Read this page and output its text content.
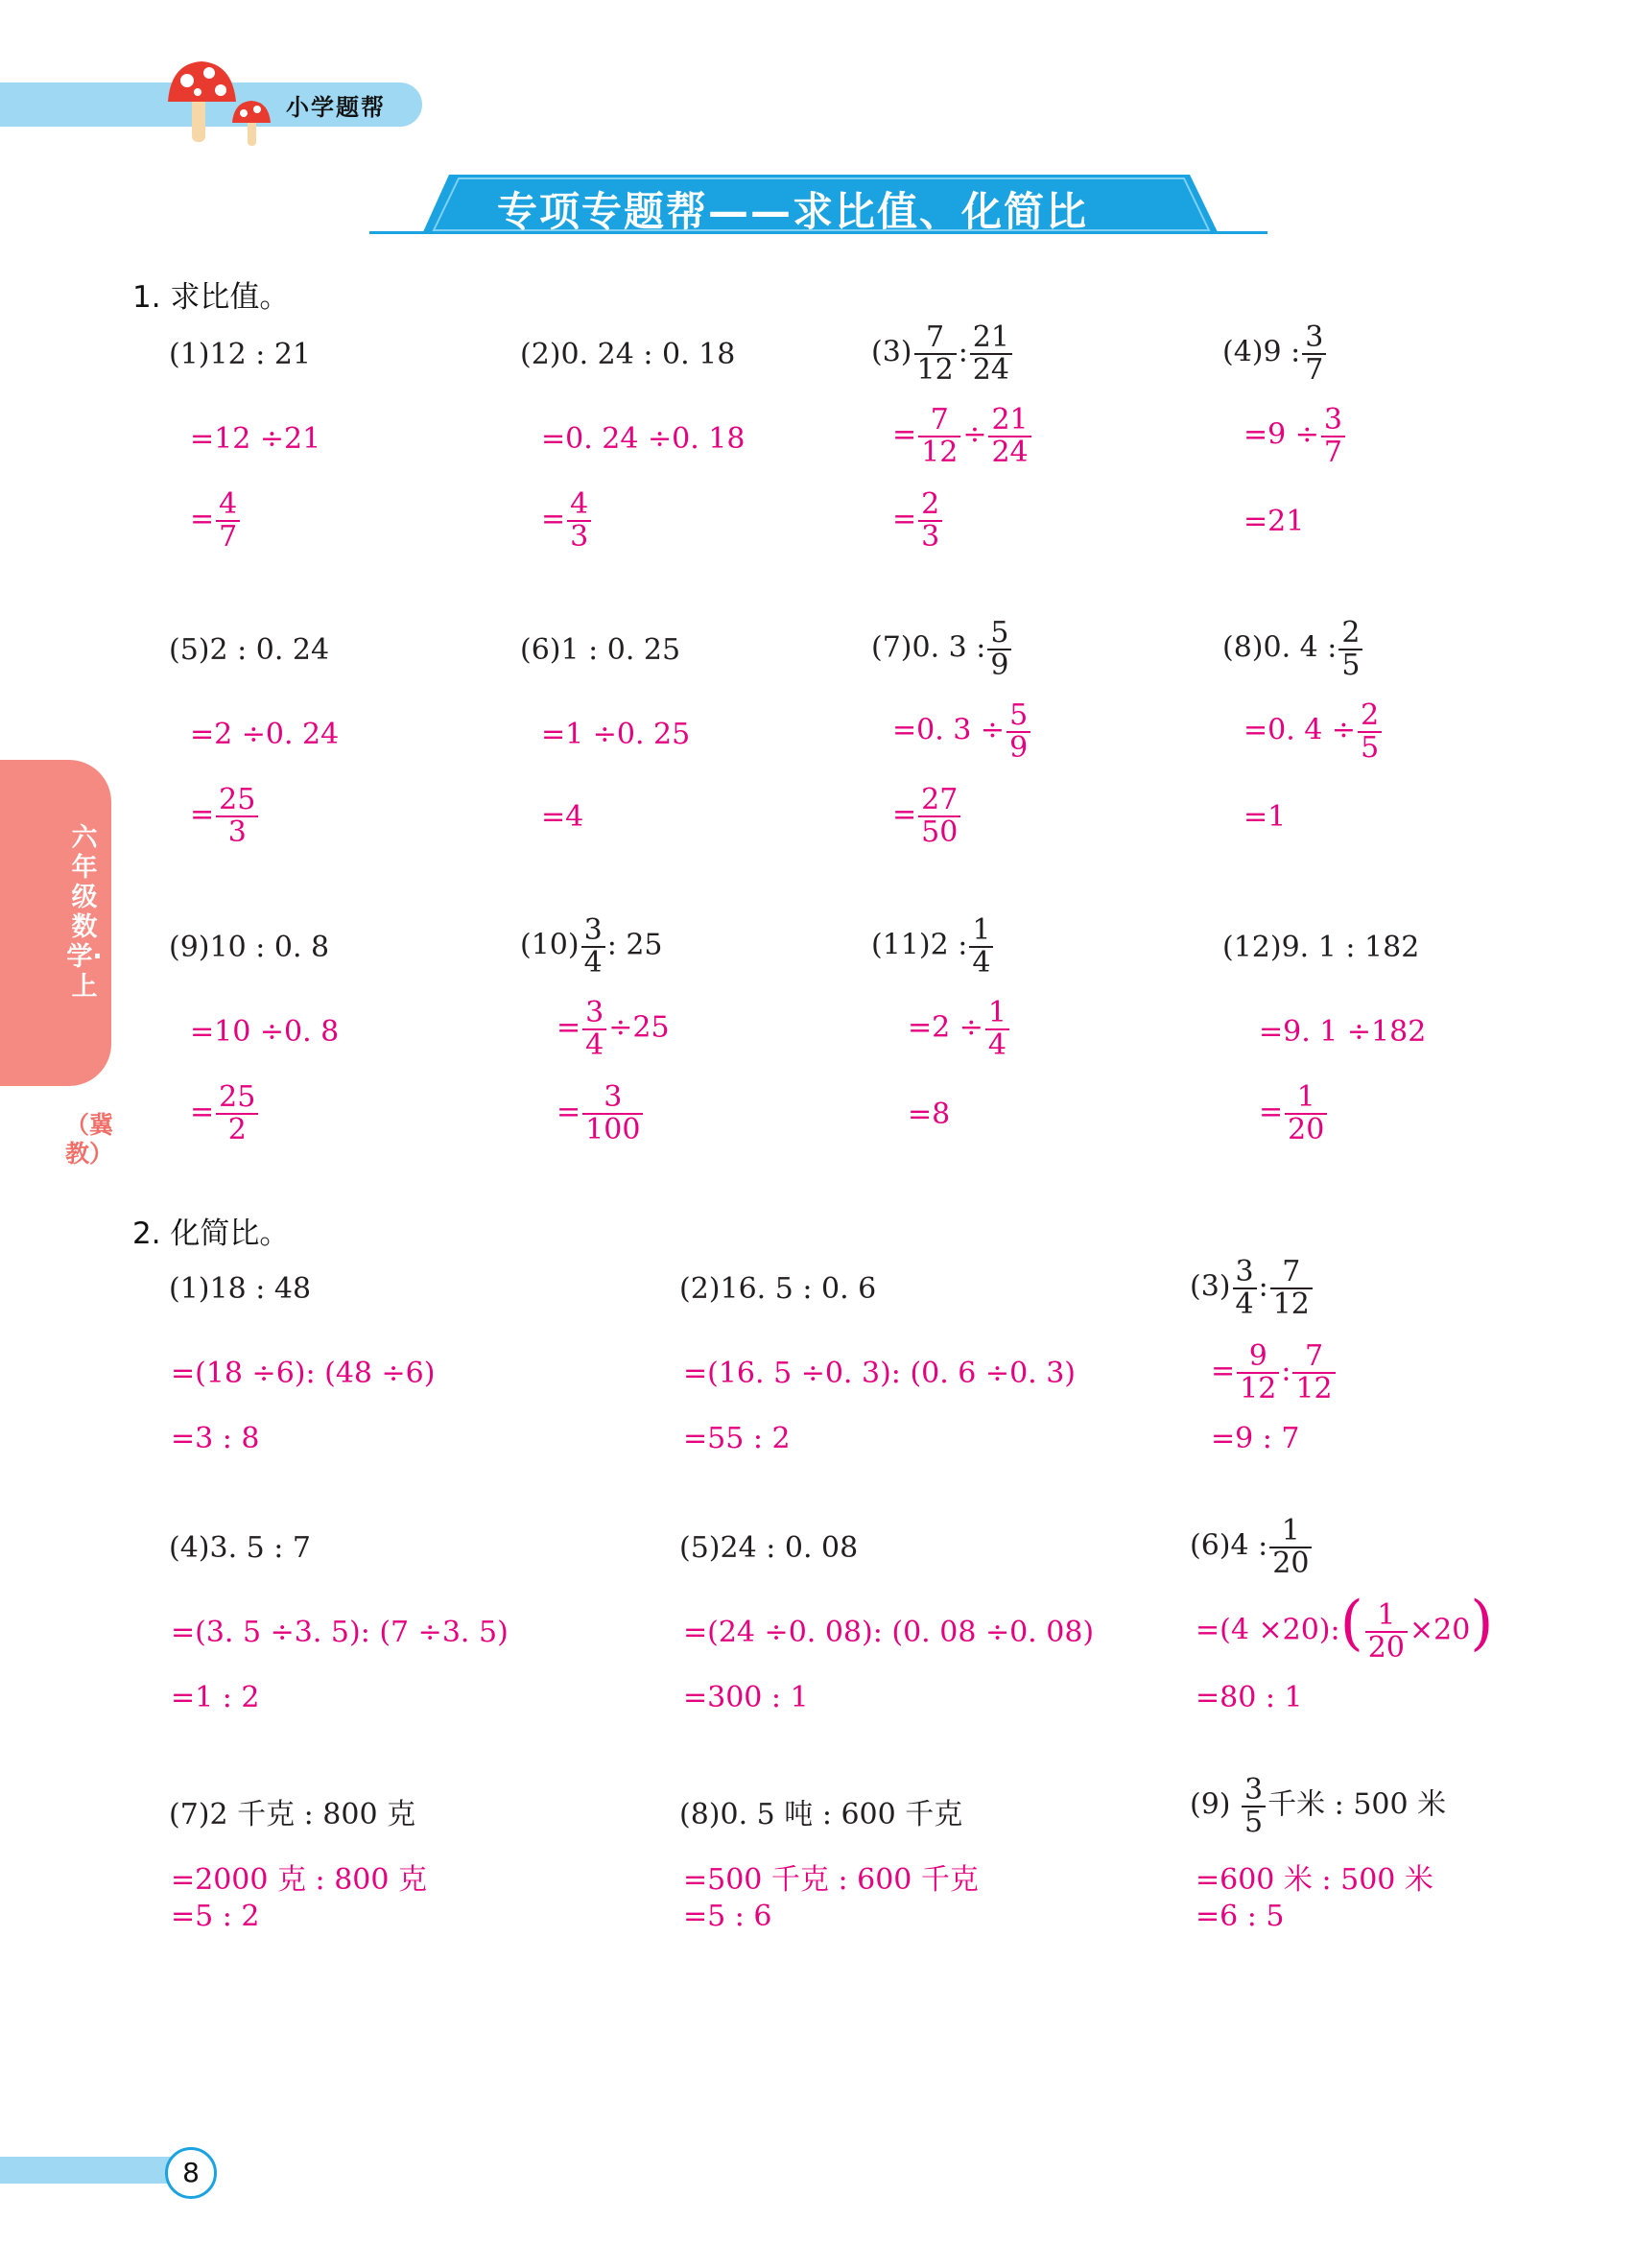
小学题帮
专项专题帮——求比值、化简比
六年级数学·上
（冀教）
8
1. 求比值。
(1)12 : 21
=12 ÷21
= $\frac{4}{7}$
(2)0. 24 : 0. 18
=0. 24 ÷0. 18
= $\frac{4}{3}$
$(3) \frac{7}{12}$ : $\frac{21}{24}$
= $\frac{7}{12} \div \frac{21}{24}$
= $\frac{2}{3}$
(4)9 : $\frac{3}{7}$
$=9 \div \frac{3}{7}$
=21
(5)2 : 0. 24
=2 ÷0. 24
= $\frac{25}{3}$
(6)1 : 0. 25
=1 ÷0. 25
=4
(7)0. 3 : $\frac{5}{9}$
=0. $3 \div \frac{5}{9}$
= $\frac{27}{50}$
(8)0. 4 : $\frac{2}{5}$
=0. $4 \div \frac{2}{5}$
=1
(9)10 : 0. 8
=10 ÷0. 8
= $\frac{25}{2}$
$(10) \frac{3}{4}$ : 25
= $\frac{3}{4} \div 25$
= $\frac{3}{100}$
(11)2 : $\frac{1}{4}$
$=2 \div \frac{1}{4}$
=8
(12)9. 1 : 182
=9. 1 ÷182
= $\frac{1}{20}$
2. 化简比。
(1)18 : 48
=(18 ÷6): (48 ÷6)
=3 : 8
(2)16. 5 : 0. 6
=(16. 5 ÷0. 3): (0. 6 ÷0. 3)
=55 : 2
$(3) \frac{3}{4}$ : $\frac{7}{12}$
= $\frac{9}{12}$ : $\frac{7}{12}$
=9 : 7
(4)3. 5 : 7
=(3. 5 ÷3. 5): (7 ÷3. 5)
=1 : 2
(5)24 : 0. 08
=(24 ÷0. 08): (0. 08 ÷0. 08)
=300 : 1
(6)4 : $\frac{1}{20}$
=(4 ×20):( $\frac{1}{20} \times 20$)
=80 : 1
(7)2 千克 : 800 克
=2000 克 : 800 克
=5 : 2
(8)0. 5 吨 : 600 千克
=500 千克 : 600 千克
=5 : 6
$(9) \frac{3}{5}$ 千米 : 500 米
=600 米 : 500 米
=6 : 5
